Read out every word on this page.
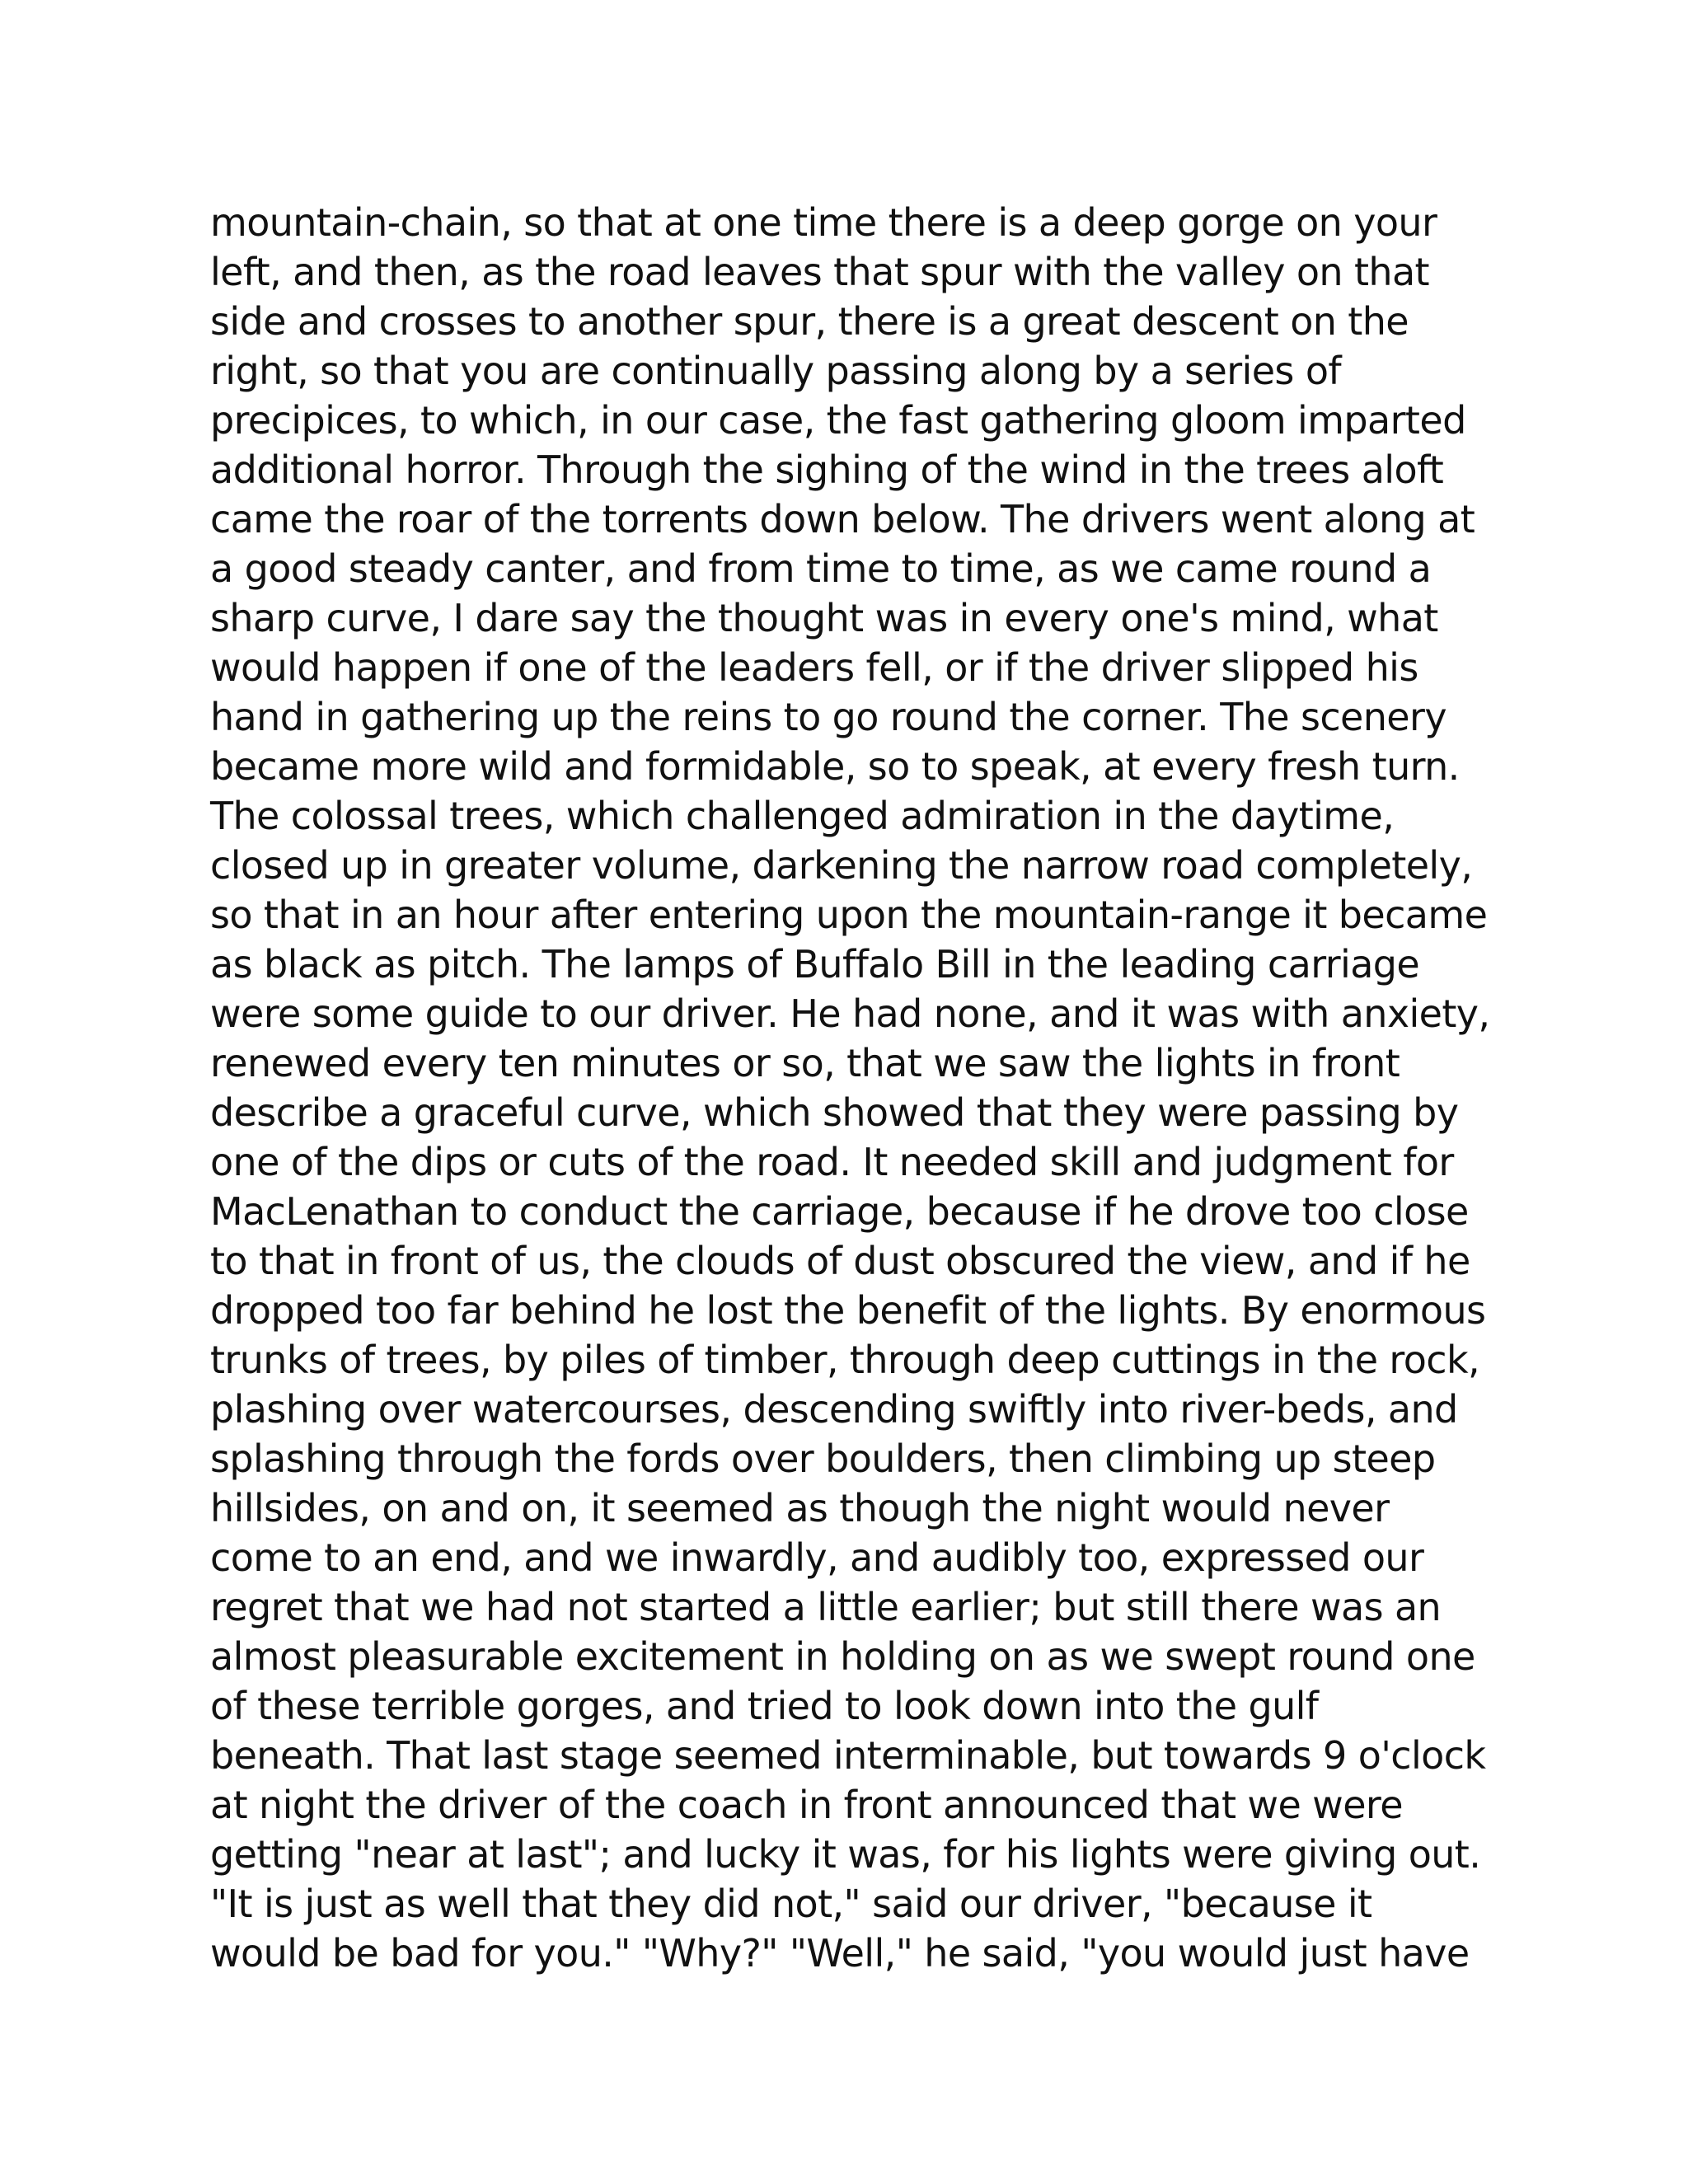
mountain-chain, so that at one time there is a deep gorge on your
left, and then, as the road leaves that spur with the valley on that
side and crosses to another spur, there is a great descent on the
right, so that you are continually passing along by a series of
precipices, to which, in our case, the fast gathering gloom imparted
additional horror. Through the sighing of the wind in the trees aloft
came the roar of the torrents down below. The drivers went along at
a good steady canter, and from time to time, as we came round a
sharp curve, I dare say the thought was in every one's mind, what
would happen if one of the leaders fell, or if the driver slipped his
hand in gathering up the reins to go round the corner. The scenery
became more wild and formidable, so to speak, at every fresh turn.
The colossal trees, which challenged admiration in the daytime,
closed up in greater volume, darkening the narrow road completely,
so that in an hour after entering upon the mountain-range it became
as black as pitch. The lamps of Buffalo Bill in the leading carriage
were some guide to our driver. He had none, and it was with anxiety,
renewed every ten minutes or so, that we saw the lights in front
describe a graceful curve, which showed that they were passing by
one of the dips or cuts of the road. It needed skill and judgment for
MacLenathan to conduct the carriage, because if he drove too close
to that in front of us, the clouds of dust obscured the view, and if he
dropped too far behind he lost the benefit of the lights. By enormous
trunks of trees, by piles of timber, through deep cuttings in the rock,
plashing over watercourses, descending swiftly into river-beds, and
splashing through the fords over boulders, then climbing up steep
hillsides, on and on, it seemed as though the night would never
come to an end, and we inwardly, and audibly too, expressed our
regret that we had not started a little earlier; but still there was an
almost pleasurable excitement in holding on as we swept round one
of these terrible gorges, and tried to look down into the gulf
beneath. That last stage seemed interminable, but towards 9 o'clock
at night the driver of the coach in front announced that we were
getting "near at last"; and lucky it was, for his lights were giving out.
"It is just as well that they did not," said our driver, "because it
would be bad for you." "Why?" "Well," he said, "you would just have
